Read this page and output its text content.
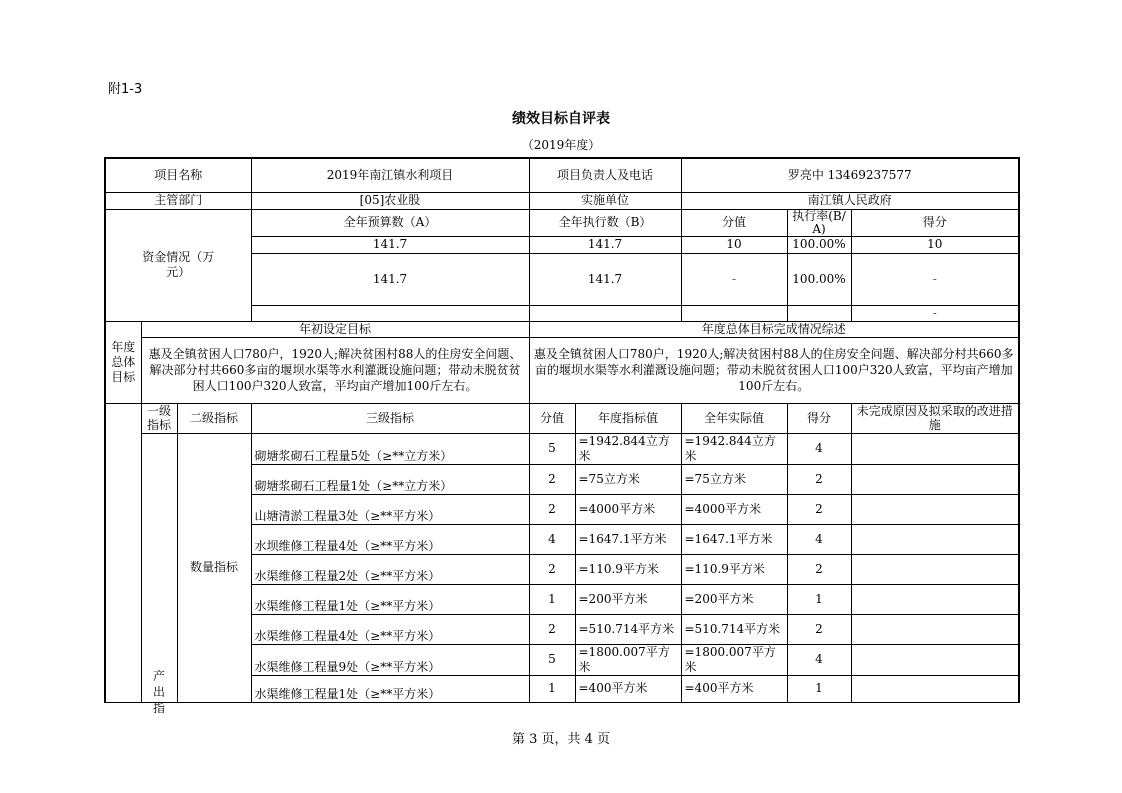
附1-3
绩效目标自评表
（2019年度）
项目名称			2019年南江镇水利项目	项目负责人及电话		罗亮中 13469237577		
主管部门			[05]农业股	实施单位		南江镇人民政府		
资金情况（万元）			全年预算数（A）	全年执行数（B）		分值	执行率(B/A)	得分
			141.7	141.7		10	100.00%	10
			141.7	141.7		-	100.00%	-
								-

年度总体目标	年初设定目标			年度总体目标完成情况综述				
	惠及全镇贫困人口780户，1920人;解决贫困村88人的住房安全问题、解决部分村共660多亩的堰坝水渠等水利灌溉设施问题；带动未脱贫贫困人口100户320人致富，平均亩产增加100斤左右。			惠及全镇贫困人口780户，1920人;解决贫困村88人的住房安全问题、解决部分村共660多亩的堰坝水渠等水利灌溉设施问题；带动未脱贫贫困人口100户320人致富，平均亩产增加100斤左右。				
	一级指标	二级指标	三级指标	分值	年度指标值	全年实际值	得分	未完成原因及拟采取的改进措施

	产出指	数量指标	砌塘浆砌石工程量5处（≥**立方米）	5	=1942.844立方米	=1942.844立方米	4	
			砌塘浆砌石工程量1处（≥**立方米）	2	=75立方米	=75立方米	2	
			山塘清淤工程量3处（≥**平方米）	2	=4000平方米	=4000平方米	2	
			水坝维修工程量4处（≥**平方米）	4	=1647.1平方米	=1647.1平方米	4	
			水渠维修工程量2处（≥**平方米）	2	=110.9平方米	=110.9平方米	2	
			水渠维修工程量1处（≥**平方米）	1	=200平方米	=200平方米	1	
			水渠维修工程量4处（≥**平方米）	2	=510.714平方米	=510.714平方米	2	
			水渠维修工程量9处（≥**平方米）	5	=1800.007平方米	=1800.007平方米	4	
			水渠维修工程量1处（≥**平方米）	1	=400平方米	=400平方米	1	

第 3 页，共 4 页
